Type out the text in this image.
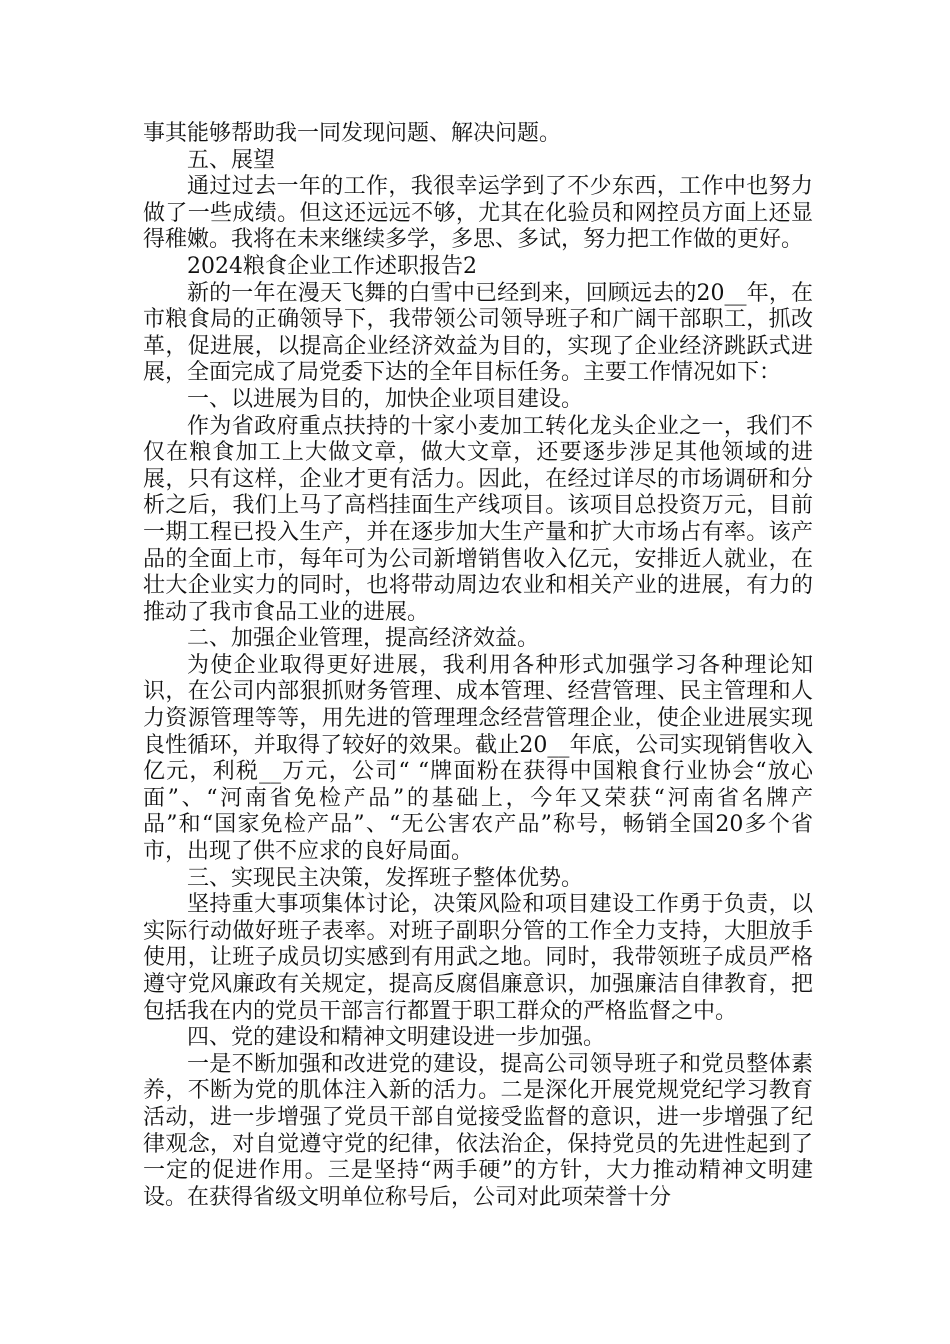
事其能够帮助我一同发现问题、解决问题。

五、展望

通过过去一年的工作，我很幸运学到了不少东西，工作中也努力做了一些成绩。但这还远远不够，尤其在化验员和网控员方面上还显得稚嫩。我将在未来继续多学，多思、多试，努力把工作做的更好。

2024粮食企业工作述职报告2

新的一年在漫天飞舞的白雪中已经到来，回顾远去的20__年，在市粮食局的正确领导下，我带领公司领导班子和广阔干部职工，抓改革，促进展，以提高企业经济效益为目的，实现了企业经济跳跃式进展，全面完成了局党委下达的全年目标任务。主要工作情况如下：

一、以进展为目的，加快企业项目建设。

作为省政府重点扶持的十家小麦加工转化龙头企业之一，我们不仅在粮食加工上大做文章，做大文章，还要逐步涉足其他领域的进展，只有这样，企业才更有活力。因此，在经过详尽的市场调研和分析之后，我们上马了高档挂面生产线项目。该项目总投资万元，目前一期工程已投入生产，并在逐步加大生产量和扩大市场占有率。该产品的全面上市，每年可为公司新增销售收入亿元，安排近人就业，在壮大企业实力的同时，也将带动周边农业和相关产业的进展，有力的推动了我市食品工业的进展。

二、加强企业管理，提高经济效益。

为使企业取得更好进展，我利用各种形式加强学习各种理论知识，在公司内部狠抓财务管理、成本管理、经营管理、民主管理和人力资源管理等等，用先进的管理理念经营管理企业，使企业进展实现良性循环，并取得了较好的效果。截止20__年底，公司实现销售收入亿元，利税__万元，公司“ “牌面粉在获得中国粮食行业协会“放心面”、“河南省免检产品”的基础上，今年又荣获“河南省名牌产品”和“国家免检产品”、“无公害农产品”称号，畅销全国20多个省市，出现了供不应求的良好局面。

三、实现民主决策，发挥班子整体优势。

坚持重大事项集体讨论，决策风险和项目建设工作勇于负责，以实际行动做好班子表率。对班子副职分管的工作全力支持，大胆放手使用，让班子成员切实感到有用武之地。同时，我带领班子成员严格遵守党风廉政有关规定，提高反腐倡廉意识，加强廉洁自律教育，把包括我在内的党员干部言行都置于职工群众的严格监督之中。

四、党的建设和精神文明建设进一步加强。

一是不断加强和改进党的建设，提高公司领导班子和党员整体素养，不断为党的肌体注入新的活力。二是深化开展党规党纪学习教育活动，进一步增强了党员干部自觉接受监督的意识，进一步增强了纪律观念，对自觉遵守党的纪律，依法治企，保持党员的先进性起到了一定的促进作用。三是坚持“两手硬”的方针，大力推动精神文明建设。在获得省级文明单位称号后，公司对此项荣誉十分
